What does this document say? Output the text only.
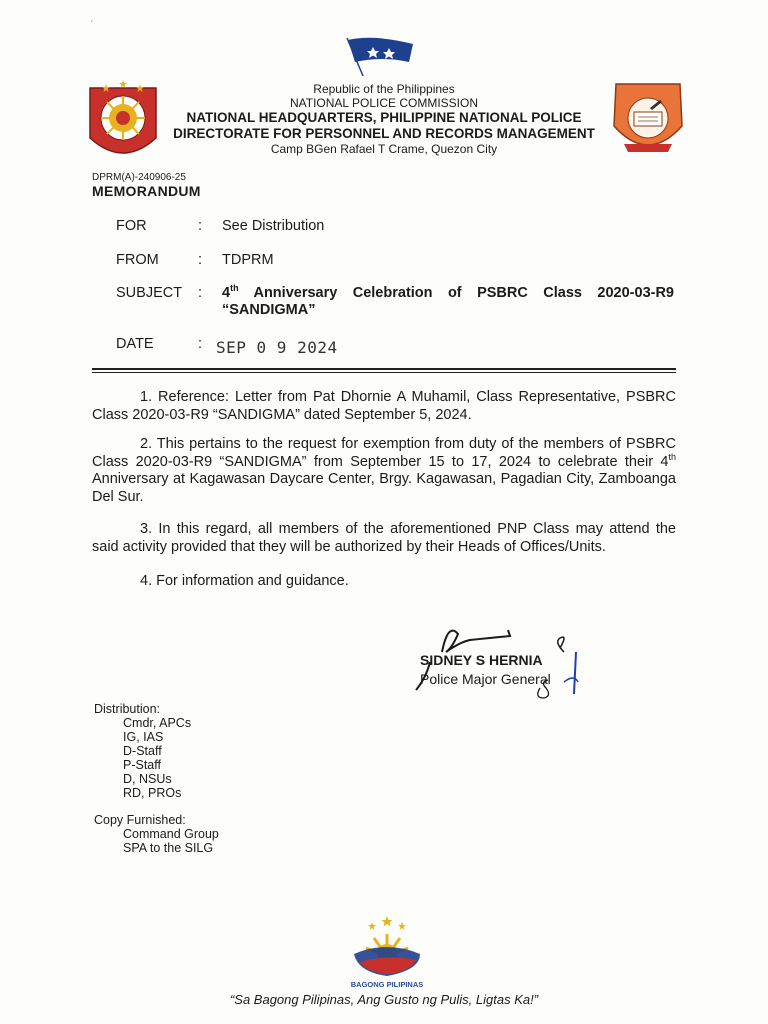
ˊ
Republic of the Philippines
NATIONAL POLICE COMMISSION
NATIONAL HEADQUARTERS, PHILIPPINE NATIONAL POLICE
DIRECTORATE FOR PERSONNEL AND RECORDS MANAGEMENT
Camp BGen Rafael T Crame, Quezon City
DPRM(A)-240906-25
MEMORANDUM
FOR	: See Distribution
FROM	: TDPRM
SUBJECT : 4th Anniversary Celebration of PSBRC Class 2020-03-R9 “SANDIGMA”
DATE	: SEP 0 9 2024
1. Reference: Letter from Pat Dhornie A Muhamil, Class Representative, PSBRC Class 2020-03-R9 “SANDIGMA” dated September 5, 2024.
2. This pertains to the request for exemption from duty of the members of PSBRC Class 2020-03-R9 “SANDIGMA” from September 15 to 17, 2024 to celebrate their 4th Anniversary at Kagawasan Daycare Center, Brgy. Kagawasan, Pagadian City, Zamboanga Del Sur.
3. In this regard, all members of the aforementioned PNP Class may attend the said activity provided that they will be authorized by their Heads of Offices/Units.
4. For information and guidance.
SIDNEY S HERNIA
Police Major General
Distribution:
Cmdr, APCs
IG, IAS
D-Staff
P-Staff
D, NSUs
RD, PROs
Copy Furnished:
Command Group
SPA to the SILG
BAGONG PILIPINAS
“Sa Bagong Pilipinas, Ang Gusto ng Pulis, Ligtas Ka!”
